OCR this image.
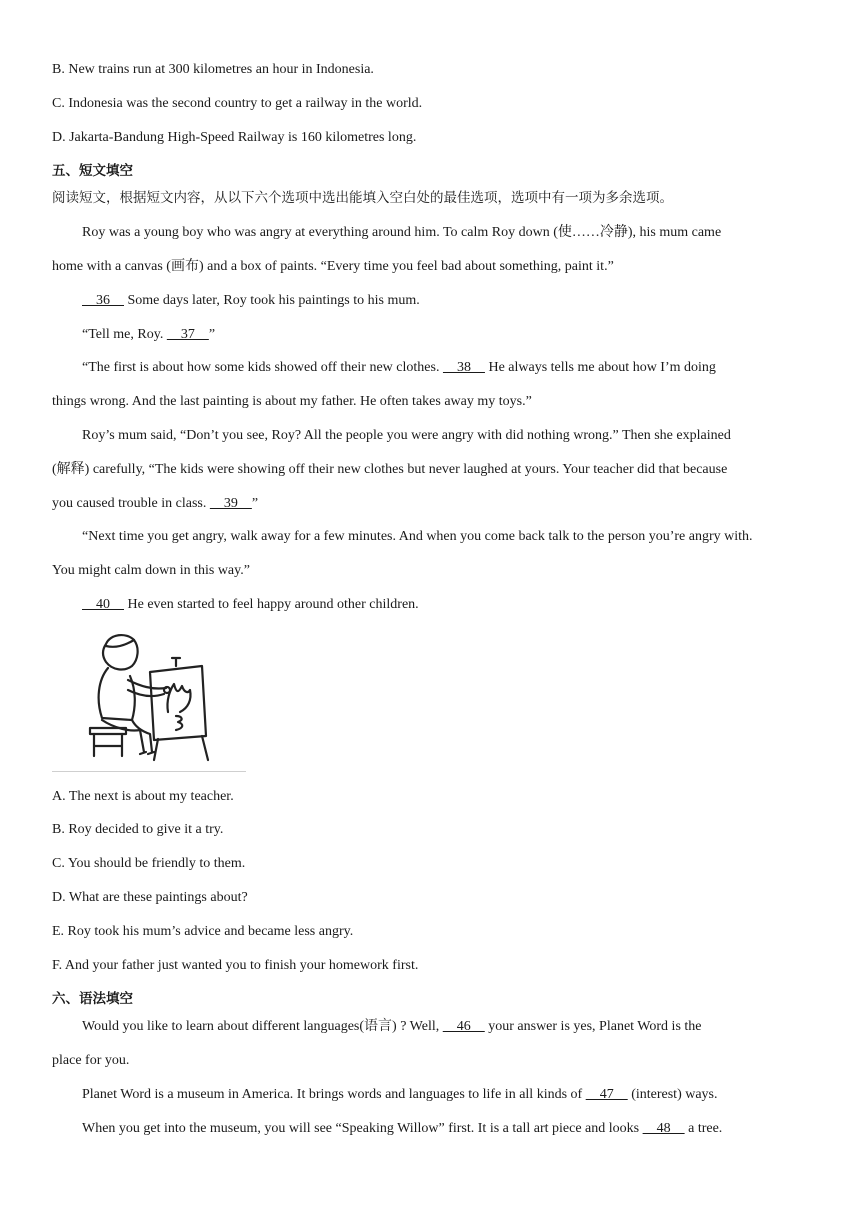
B. New trains run at 300 kilometres an hour in Indonesia.
C. Indonesia was the second country to get a railway in the world.
D. Jakarta-Bandung High-Speed Railway is 160 kilometres long.
五、短文填空
阅读短文，根据短文内容，从以下六个选项中选出能填入空白处的最佳选项，选项中有一项为多余选项。
Roy was a young boy who was angry at everything around him. To calm Roy down (使……冷静), his mum came
home with a canvas (画布) and a box of paints. “Every time you feel bad about something, paint it.”
36     Some days later, Roy took his paintings to his mum.
“Tell me, Roy.     37    ”
“The first is about how some kids showed off their new clothes.     38     He always tells me about how I’m doing
things wrong. And the last painting is about my father. He often takes away my toys.”
Roy’s mum said, “Don’t you see, Roy? All the people you were angry with did nothing wrong.” Then she explained
(解释) carefully, “The kids were showing off their new clothes but never laughed at yours. Your teacher did that because
you caused trouble in class.     39    ”
“Next time you get angry, walk away for a few minutes. And when you come back talk to the person you’re angry with.
You might calm down in this way.”
40     He even started to feel happy around other children.
A. The next is about my teacher.
B. Roy decided to give it a try.
C. You should be friendly to them.
D. What are these paintings about?
E. Roy took his mum’s advice and became less angry.
F. And your father just wanted you to finish your homework first.
六、语法填空
Would you like to learn about different languages(语言) ? Well,     46     your answer is yes, Planet Word is the
place for you.
Planet Word is a museum in America. It brings words and languages to life in all kinds of     47     (interest) ways.
When you get into the museum, you will see “Speaking Willow” first. It is a tall art piece and looks     48     a tree.
